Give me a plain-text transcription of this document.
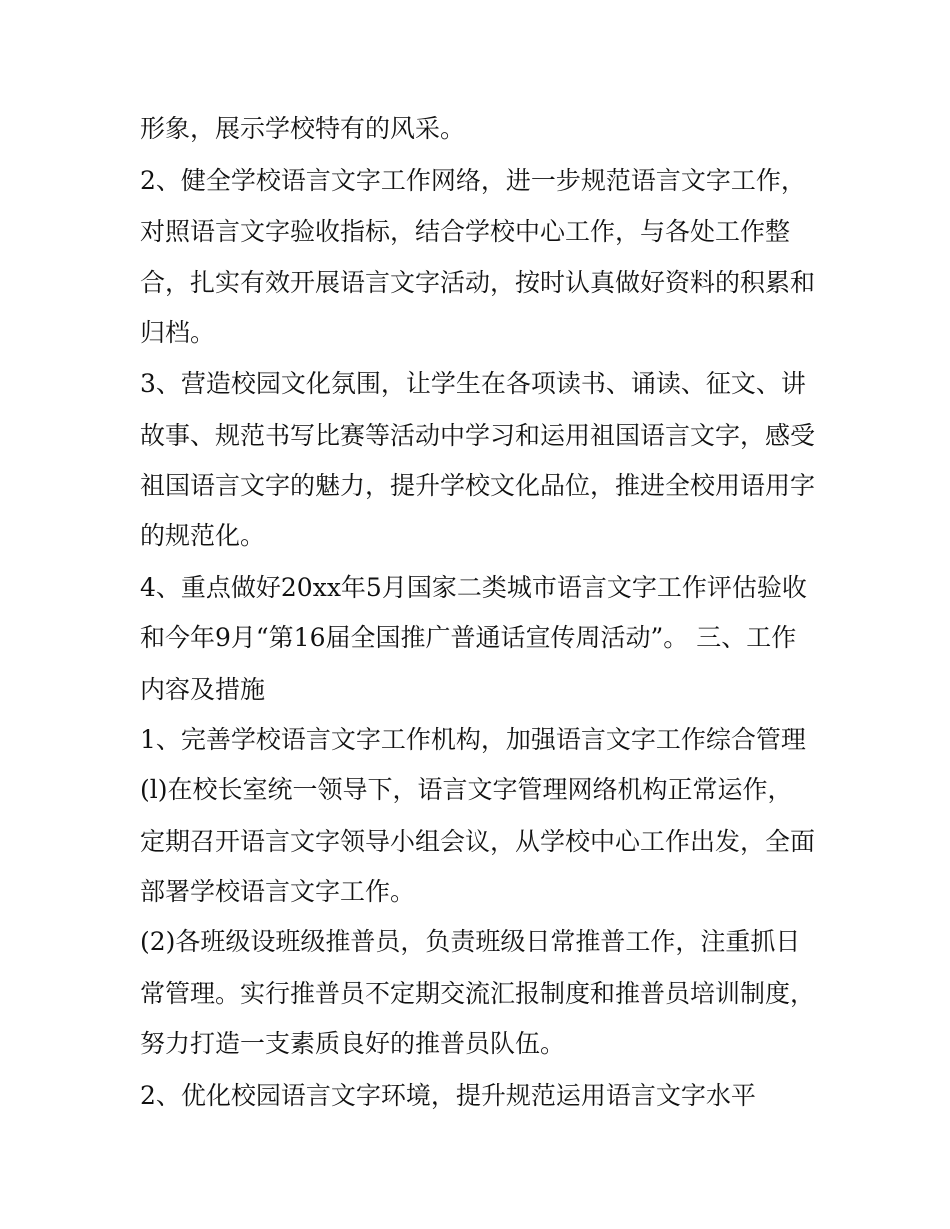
形象，展示学校特有的风采。
2、健全学校语言文字工作网络，进一步规范语言文字工作，
对照语言文字验收指标，结合学校中心工作，与各处工作整
合，扎实有效开展语言文字活动，按时认真做好资料的积累和
归档。
3、营造校园文化氛围，让学生在各项读书、诵读、征文、讲
故事、规范书写比赛等活动中学习和运用祖国语言文字，感受
祖国语言文字的魅力，提升学校文化品位，推进全校用语用字
的规范化。
4、重点做好20xx年5月国家二类城市语言文字工作评估验收
和今年9月“第16届全国推广普通话宣传周活动”。 三、工作
内容及措施
1、完善学校语言文字工作机构，加强语言文字工作综合管理
(l)在校长室统一领导下，语言文字管理网络机构正常运作，
定期召开语言文字领导小组会议，从学校中心工作出发，全面
部署学校语言文字工作。
(2)各班级设班级推普员，负责班级日常推普工作，注重抓日
常管理。实行推普员不定期交流汇报制度和推普员培训制度，
努力打造一支素质良好的推普员队伍。
2、优化校园语言文字环境，提升规范运用语言文字水平
